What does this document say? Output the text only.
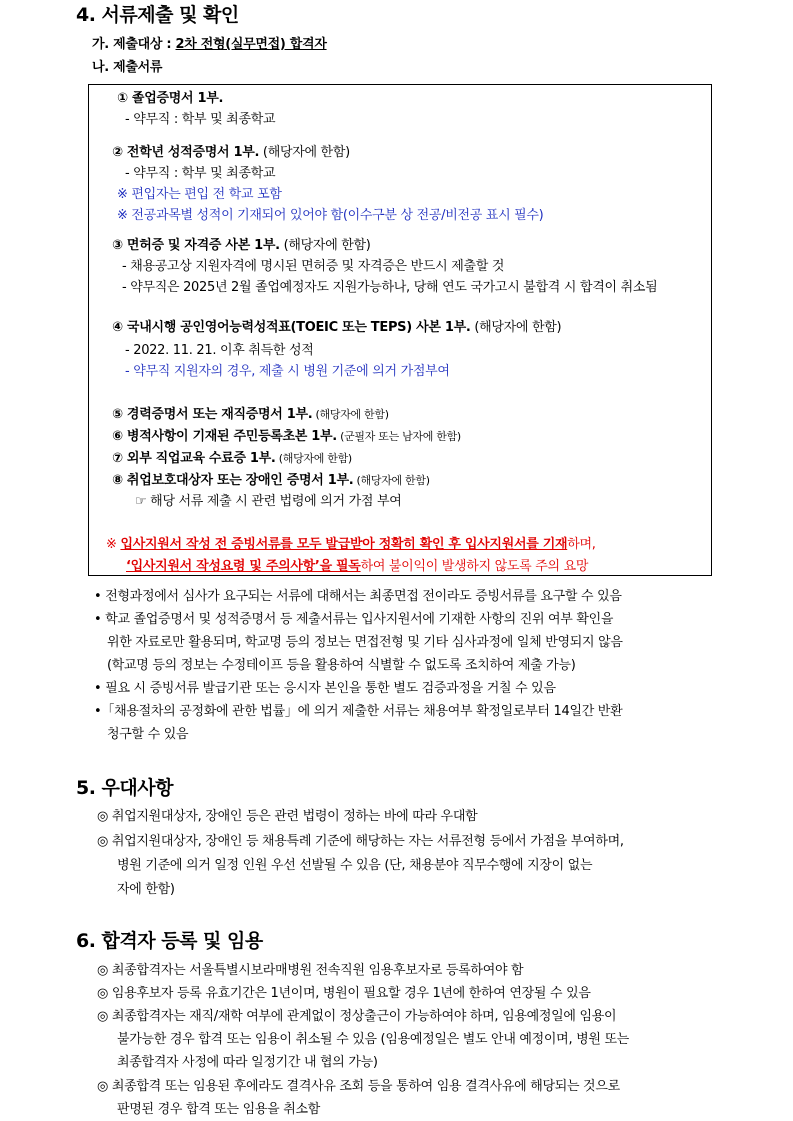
4. 서류제출 및 확인
가. 제출대상 : 2차 전형(실무면접) 합격자
나. 제출서류
① 졸업증명서 1부.
- 약무직 : 학부 및 최종학교
② 전학년 성적증명서 1부. (해당자에 한함)
- 약무직 : 학부 및 최종학교
※ 편입자는 편입 전 학교 포함
※ 전공과목별 성적이 기재되어 있어야 함(이수구분 상 전공/비전공 표시 필수)
③ 면허증 및 자격증 사본 1부. (해당자에 한함)
- 채용공고상 지원자격에 명시된 면허증 및 자격증은 반드시 제출할 것
- 약무직은 2025년 2월 졸업예정자도 지원가능하나, 당해 연도 국가고시 불합격 시 합격이 취소됨
④ 국내시행 공인영어능력성적표(TOEIC 또는 TEPS) 사본 1부. (해당자에 한함)
- 2022. 11. 21. 이후 취득한 성적
- 약무직 지원자의 경우, 제출 시 병원 기준에 의거 가점부여
⑤ 경력증명서 또는 재직증명서 1부. (해당자에 한함)
⑥ 병적사항이 기재된 주민등록초본 1부. (군필자 또는 남자에 한함)
⑦ 외부 직업교육 수료증 1부. (해당자에 한함)
⑧ 취업보호대상자 또는 장애인 증명서 1부. (해당자에 한함)
☞ 해당 서류 제출 시 관련 법령에 의거 가점 부여
※ 입사지원서 작성 전 증빙서류를 모두 발급받아 정확히 확인 후 입사지원서를 기재하며,
‘입사지원서 작성요령 및 주의사항’을 필독하여 불이익이 발생하지 않도록 주의 요망
• 전형과정에서 심사가 요구되는 서류에 대해서는 최종면접 전이라도 증빙서류를 요구할 수 있음
• 학교 졸업증명서 및 성적증명서 등 제출서류는 입사지원서에 기재한 사항의 진위 여부 확인을
위한 자료로만 활용되며, 학교명 등의 정보는 면접전형 및 기타 심사과정에 일체 반영되지 않음
(학교명 등의 정보는 수정테이프 등을 활용하여 식별할 수 없도록 조치하여 제출 가능)
• 필요 시 증빙서류 발급기관 또는 응시자 본인을 통한 별도 검증과정을 거칠 수 있음
•「채용절차의 공정화에 관한 법률」에 의거 제출한 서류는 채용여부 확정일로부터 14일간 반환
청구할 수 있음
5. 우대사항
◎ 취업지원대상자, 장애인 등은 관련 법령이 정하는 바에 따라 우대함
◎ 취업지원대상자, 장애인 등 채용특례 기준에 해당하는 자는 서류전형 등에서 가점을 부여하며,
병원 기준에 의거 일정 인원 우선 선발될 수 있음 (단, 채용분야 직무수행에 지장이 없는
자에 한함)
6. 합격자 등록 및 임용
◎ 최종합격자는 서울특별시보라매병원 전속직원 임용후보자로 등록하여야 함
◎ 임용후보자 등록 유효기간은 1년이며, 병원이 필요할 경우 1년에 한하여 연장될 수 있음
◎ 최종합격자는 재직/재학 여부에 관계없이 정상출근이 가능하여야 하며, 임용예정일에 임용이
불가능한 경우 합격 또는 임용이 취소될 수 있음 (임용예정일은 별도 안내 예정이며, 병원 또는
최종합격자 사정에 따라 일정기간 내 협의 가능)
◎ 최종합격 또는 임용된 후에라도 결격사유 조회 등을 통하여 임용 결격사유에 해당되는 것으로
판명된 경우 합격 또는 임용을 취소함
